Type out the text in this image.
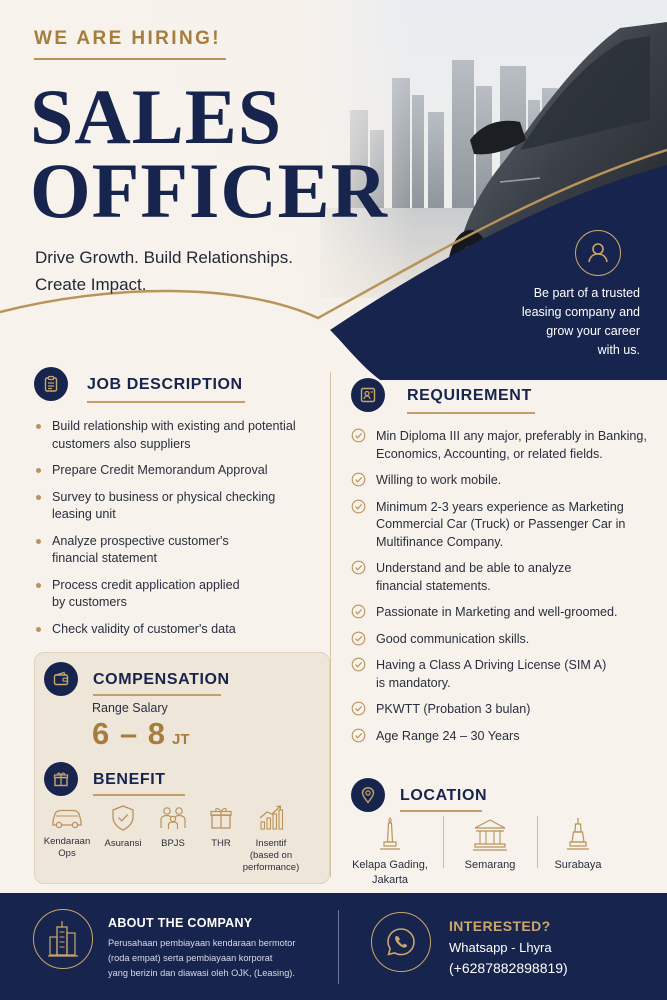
WE ARE HIRING!
SALES
OFFICER
Drive Growth. Build Relationships.
Create Impact.	Be part of a trusted
leasing company and
grow your career
with us.
JOB DESCRIPTION
Build relationship with existing and potential
customers also suppliers
Prepare Credit Memorandum Approval
Survey to business or physical checking
leasing unit
Analyze prospective customer's
financial statement
Process credit application applied
by customers
Check validity of customer's data
REQUIREMENT
Min Diploma III any major, preferably in Banking,
Economics, Accounting, or related fields.
Willing to work mobile.
Minimum 2-3 years experience as Marketing
Commercial Car (Truck) or Passenger Car in
Multifinance Company.
Understand and be able to analyze
financial statements.
Passionate in Marketing and well-groomed.
Good communication skills.
Having a Class A Driving License (SIM A)
is mandatory.
PKWTT (Probation 3 bulan)
Age Range 24 – 30 Years
COMPENSATION
Range Salary
6 – 8 JT
BENEFIT
Kendaraan
Ops
Asuransi	BPJS	THR	Insentif
(based on
performance)
LOCATION
Kelapa Gading,
Jakarta
Semarang	Surabaya
ABOUT THE COMPANY
Perusahaan pembiayaan kendaraan bermotor
(roda empat) serta pembiayaan korporat
yang berizin dan diawasi oleh OJK, (Leasing).
INTERESTED?
Whatsapp - Lhyra
(+6287882898819)
